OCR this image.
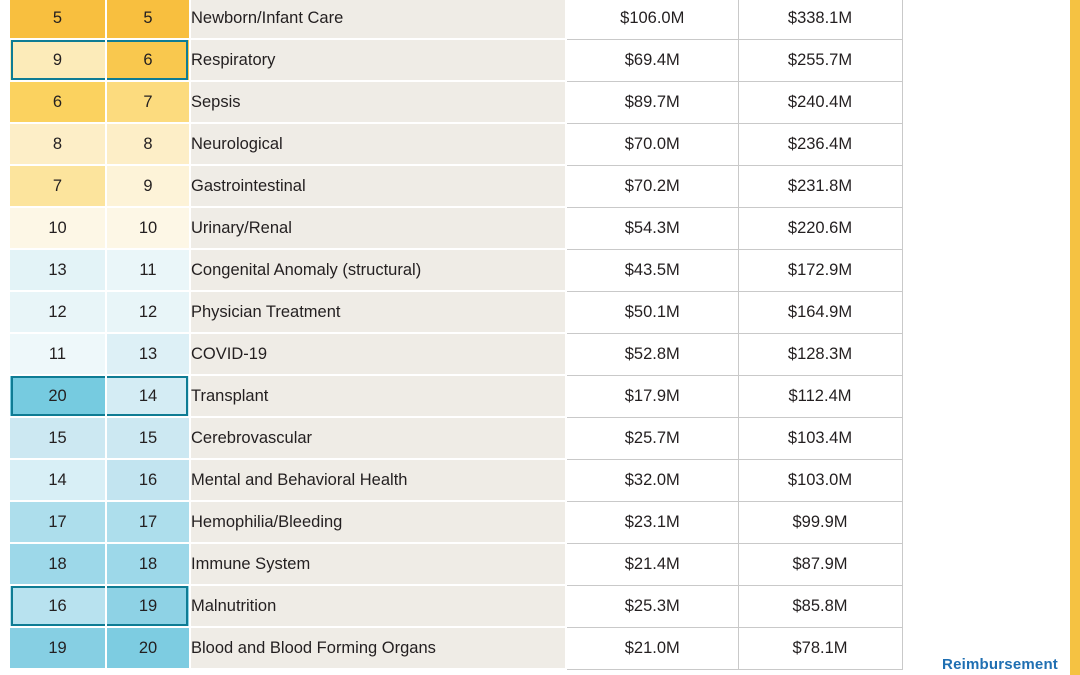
5	5	Newborn/Infant Care	$106.0M	$338.1M
9	6	Respiratory	$69.4M	$255.7M
6	7	Sepsis	$89.7M	$240.4M
8	8	Neurological	$70.0M	$236.4M
7	9	Gastrointestinal	$70.2M	$231.8M
10	10	Urinary/Renal	$54.3M	$220.6M
13	11	Congenital Anomaly (structural)	$43.5M	$172.9M
12	12	Physician Treatment	$50.1M	$164.9M
11	13	COVID-19	$52.8M	$128.3M
20	14	Transplant	$17.9M	$112.4M
15	15	Cerebrovascular	$25.7M	$103.4M
14	16	Mental and Behavioral Health	$32.0M	$103.0M
17	17	Hemophilia/Bleeding	$23.1M	$99.9M
18	18	Immune System	$21.4M	$87.9M
16	19	Malnutrition	$25.3M	$85.8M
19	20	Blood and Blood Forming Organs	$21.0M	$78.1M
Reimbursement
